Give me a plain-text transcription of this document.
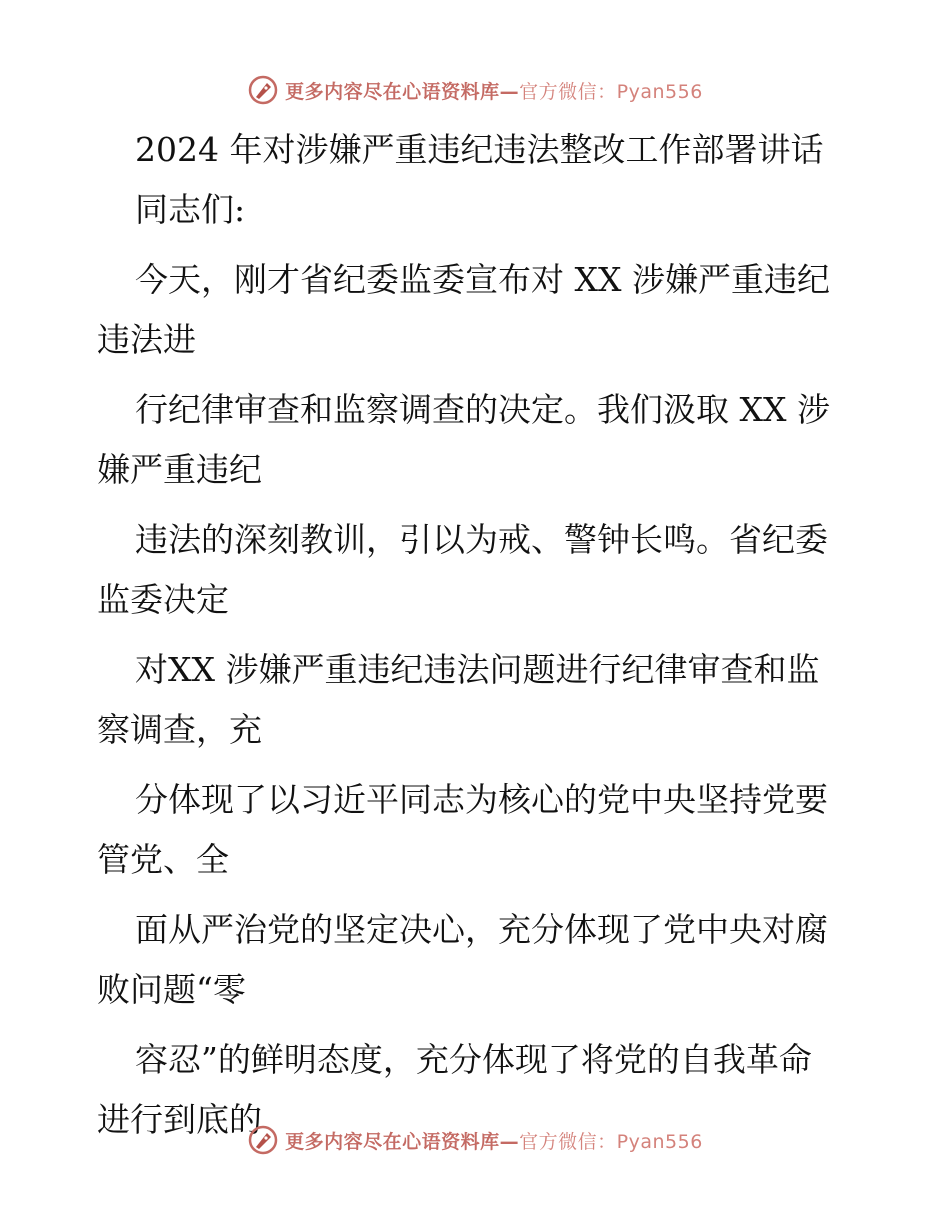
更多内容尽在心语资料库—官方微信：Pyan556
2024 年对涉嫌严重违纪违法整改工作部署讲话
同志们:
今天，刚才省纪委监委宣布对 XX 涉嫌严重违纪
违法进
行纪律审查和监察调查的决定。我们汲取 XX 涉
嫌严重违纪
违法的深刻教训，引以为戒、警钟长鸣。省纪委
监委决定
对XX 涉嫌严重违纪违法问题进行纪律审查和监
察调查，充
分体现了以习近平同志为核心的党中央坚持党要
管党、全
面从严治党的坚定决心，充分体现了党中央对腐
败问题“零
容忍”的鲜明态度，充分体现了将党的自我革命
进行到底的
更多内容尽在心语资料库—官方微信：Pyan556
